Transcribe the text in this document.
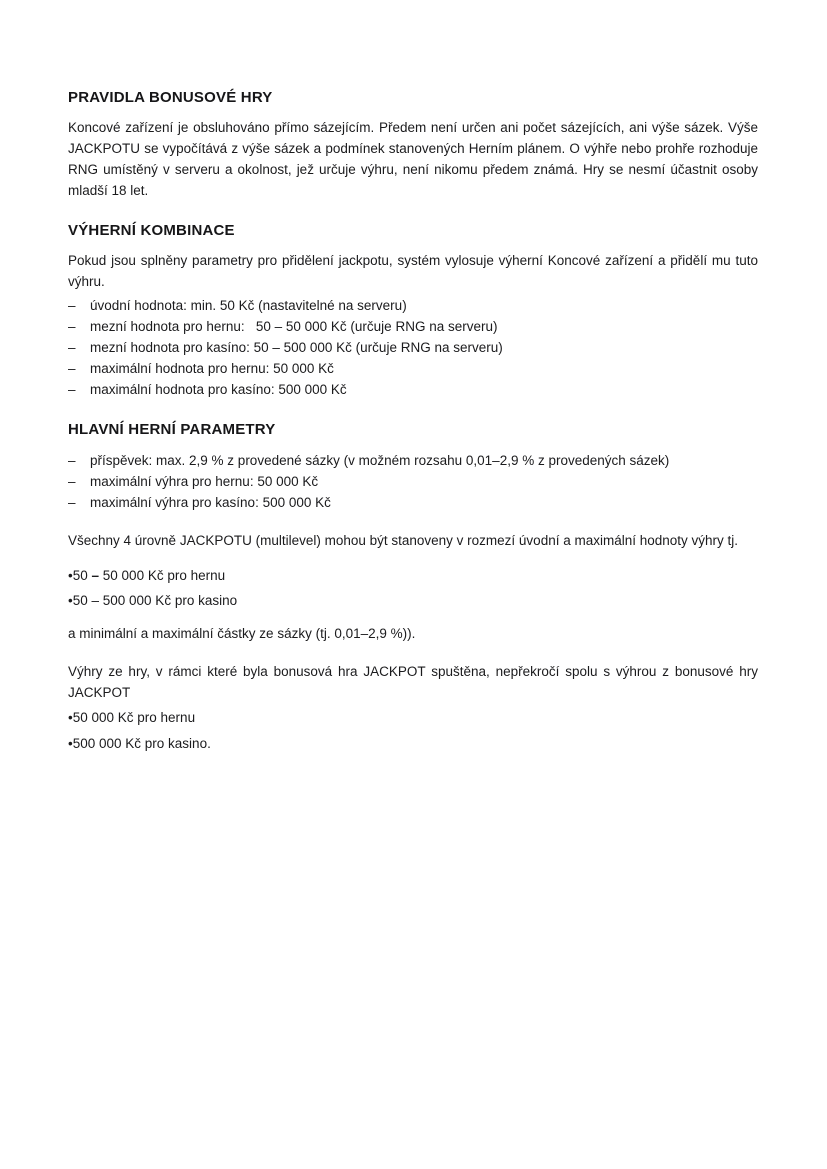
PRAVIDLA BONUSOVÉ HRY

Koncové zařízení je obsluhováno přímo sázejícím. Předem není určen ani počet sázejících, ani výše sázek. Výše JACKPOTU se vypočítává z výše sázek a podmínek stanovených Herním plánem. O výhře nebo prohře rozhoduje RNG umístěný v serveru a okolnost, jež určuje výhru, není nikomu předem známá. Hry se nesmí účastnit osoby mladší 18 let.

VÝHERNÍ KOMBINACE

Pokud jsou splněny parametry pro přidělení jackpotu, systém vylosuje výherní Koncové zařízení a přidělí mu tuto výhru.

–	úvodní hodnota: min. 50 Kč (nastavitelné na serveru)
–	mezní hodnota pro hernu:   50 – 50 000 Kč (určuje RNG na serveru)
–	mezní hodnota pro kasíno: 50 – 500 000 Kč (určuje RNG na serveru)
–	maximální hodnota pro hernu: 50 000 Kč
–	maximální hodnota pro kasíno: 500 000 Kč
HLAVNÍ HERNÍ PARAMETRY
–	příspěvek: max. 2,9 % z provedené sázky (v možném rozsahu 0,01–2,9 % z provedených sázek)
–	maximální výhra pro hernu: 50 000 Kč
–	maximální výhra pro kasíno: 500 000 Kč

Všechny 4 úrovně JACKPOTU (multilevel) mohou být stanoveny v rozmezí úvodní a maximální hodnoty výhry tj.

•50 – 50 000 Kč pro hernu
•50 – 500 000 Kč pro kasino

a minimální a maximální částky ze sázky (tj. 0,01–2,9 %)).

Výhry ze hry, v rámci které byla bonusová hra JACKPOT spuštěna, nepřekročí spolu s výhrou z bonusové hry JACKPOT

•50 000 Kč pro hernu
•500 000 Kč pro kasino.
